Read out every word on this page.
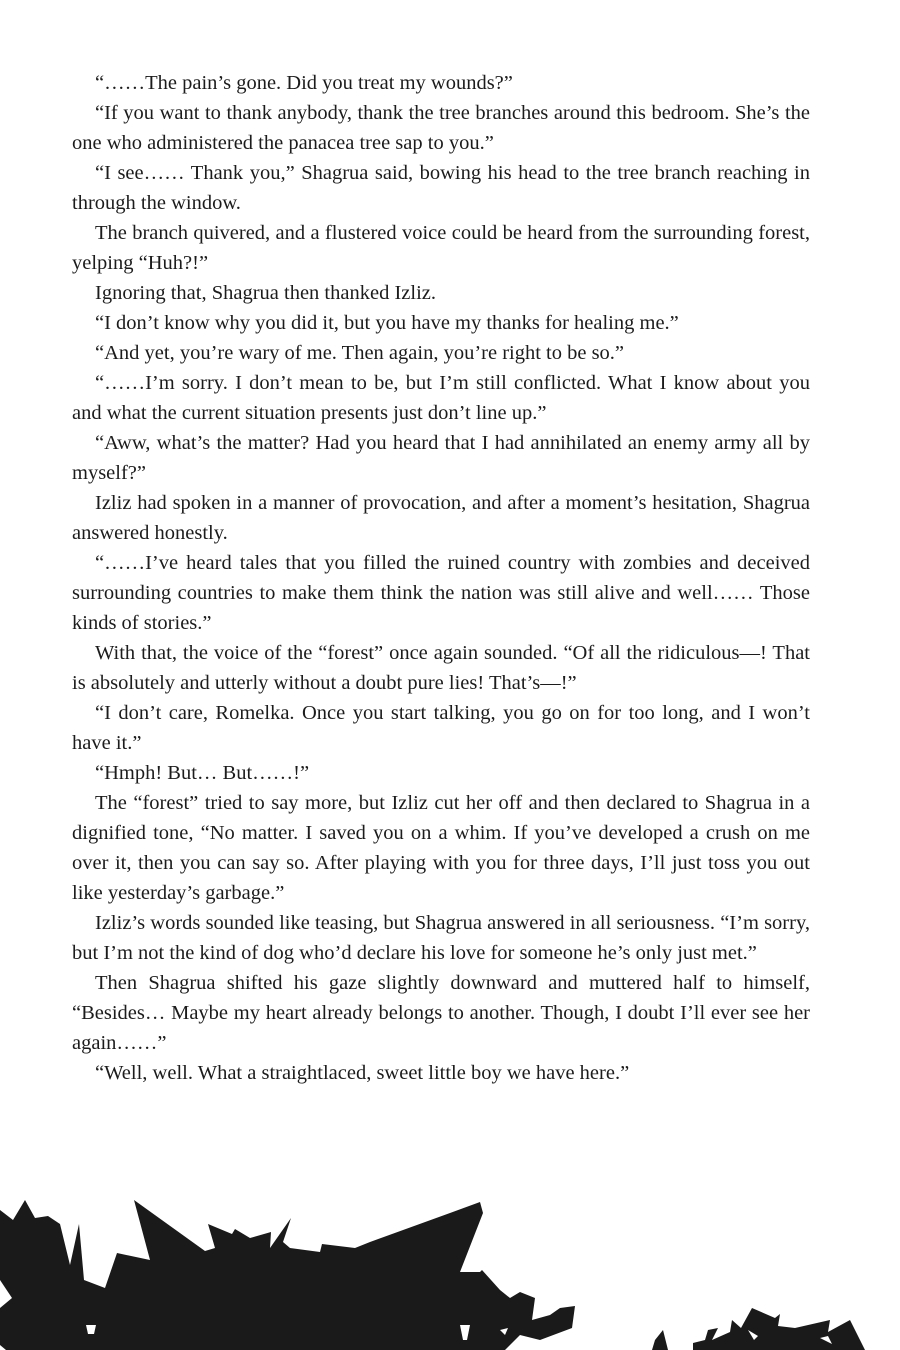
“……The pain’s gone. Did you treat my wounds?”

“If you want to thank anybody, thank the tree branches around this bedroom. She’s the one who administered the panacea tree sap to you.”

“I see…… Thank you,” Shagrua said, bowing his head to the tree branch reaching in through the window.

The branch quivered, and a flustered voice could be heard from the surrounding forest, yelping “Huh?!”

Ignoring that, Shagrua then thanked Izliz.

“I don’t know why you did it, but you have my thanks for healing me.”

“And yet, you’re wary of me. Then again, you’re right to be so.”

“……I’m sorry. I don’t mean to be, but I’m still conflicted. What I know about you and what the current situation presents just don’t line up.”

“Aww, what’s the matter? Had you heard that I had annihilated an enemy army all by myself?”

Izliz had spoken in a manner of provocation, and after a moment’s hesitation, Shagrua answered honestly.

“……I’ve heard tales that you filled the ruined country with zombies and deceived surrounding countries to make them think the nation was still alive and well…… Those kinds of stories.”

With that, the voice of the “forest” once again sounded. “Of all the ridiculous—! That is absolutely and utterly without a doubt pure lies! That’s—!”

“I don’t care, Romelka. Once you start talking, you go on for too long, and I won’t have it.”

“Hmph! But… But……!”

The “forest” tried to say more, but Izliz cut her off and then declared to Shagrua in a dignified tone, “No matter. I saved you on a whim. If you’ve developed a crush on me over it, then you can say so. After playing with you for three days, I’ll just toss you out like yesterday’s garbage.”

Izliz’s words sounded like teasing, but Shagrua answered in all seriousness. “I’m sorry, but I’m not the kind of dog who’d declare his love for someone he’s only just met.”

Then Shagrua shifted his gaze slightly downward and muttered half to himself, “Besides… Maybe my heart already belongs to another. Though, I doubt I’ll ever see her again……”

“Well, well. What a straightlaced, sweet little boy we have here.”
